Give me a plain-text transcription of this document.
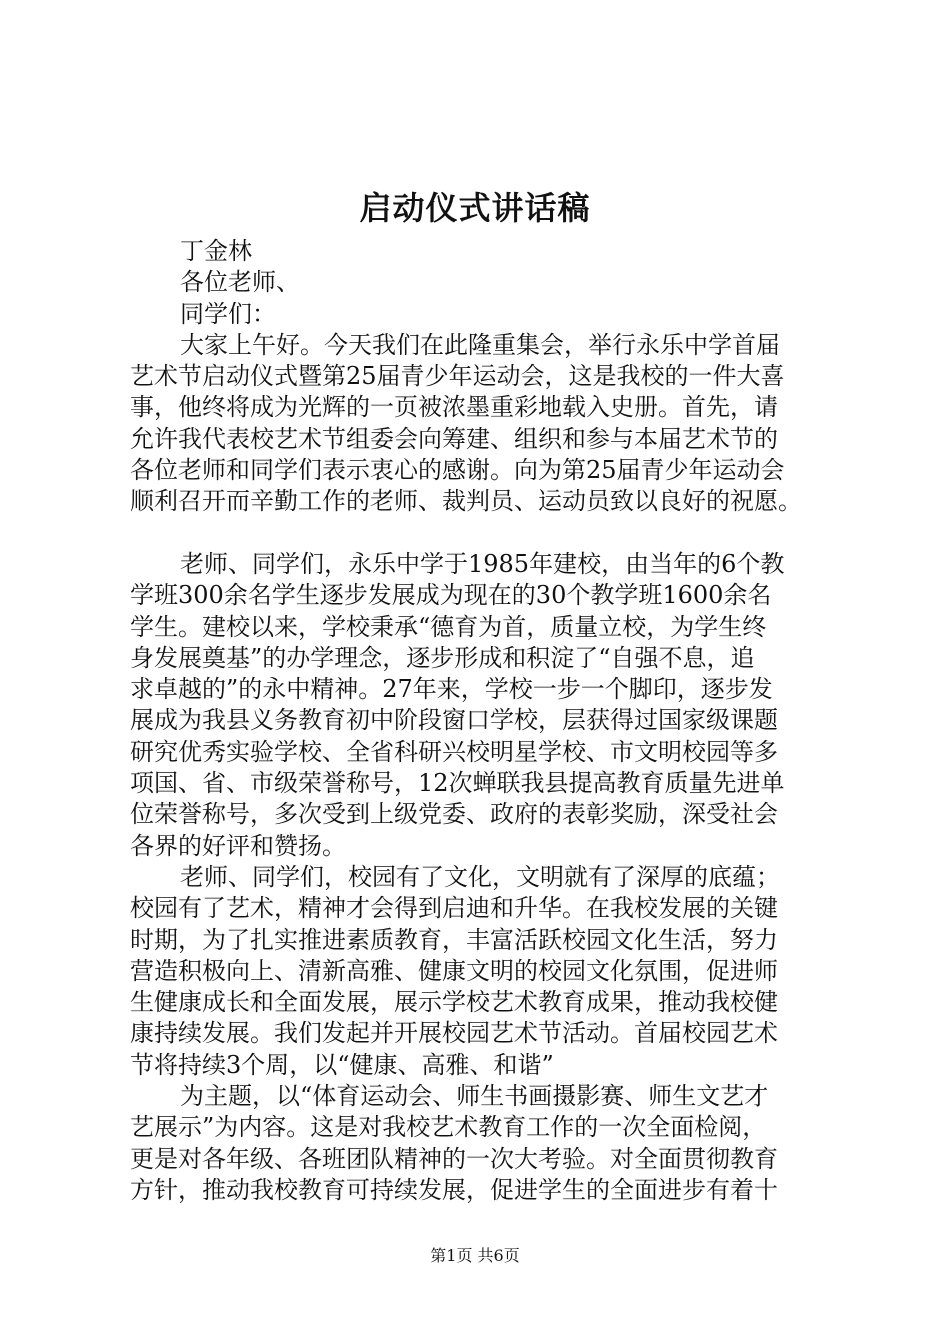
启动仪式讲话稿
丁金林
各位老师、
同学们：
大家上午好。今天我们在此隆重集会，举行永乐中学首届
艺术节启动仪式暨第25届青少年运动会，这是我校的一件大喜
事，他终将成为光辉的一页被浓墨重彩地载入史册。首先，请
允许我代表校艺术节组委会向筹建、组织和参与本届艺术节的
各位老师和同学们表示衷心的感谢。向为第25届青少年运动会
顺利召开而辛勤工作的老师、裁判员、运动员致以良好的祝愿。
老师、同学们，永乐中学于1985年建校，由当年的6个教
学班300余名学生逐步发展成为现在的30个教学班1600余名
学生。建校以来，学校秉承“德育为首，质量立校，为学生终
身发展奠基”的办学理念，逐步形成和积淀了“自强不息，追
求卓越的”的永中精神。27年来，学校一步一个脚印，逐步发
展成为我县义务教育初中阶段窗口学校，层获得过国家级课题
研究优秀实验学校、全省科研兴校明星学校、市文明校园等多
项国、省、市级荣誉称号，12次蝉联我县提高教育质量先进单
位荣誉称号，多次受到上级党委、政府的表彰奖励，深受社会
各界的好评和赞扬。
老师、同学们，校园有了文化，文明就有了深厚的底蕴；
校园有了艺术，精神才会得到启迪和升华。在我校发展的关键
时期，为了扎实推进素质教育，丰富活跃校园文化生活，努力
营造积极向上、清新高雅、健康文明的校园文化氛围，促进师
生健康成长和全面发展，展示学校艺术教育成果，推动我校健
康持续发展。我们发起并开展校园艺术节活动。首届校园艺术
节将持续3个周，以“健康、高雅、和谐”
为主题，以“体育运动会、师生书画摄影赛、师生文艺才
艺展示”为内容。这是对我校艺术教育工作的一次全面检阅，
更是对各年级、各班团队精神的一次大考验。对全面贯彻教育
方针，推动我校教育可持续发展，促进学生的全面进步有着十
第1页 共6页
